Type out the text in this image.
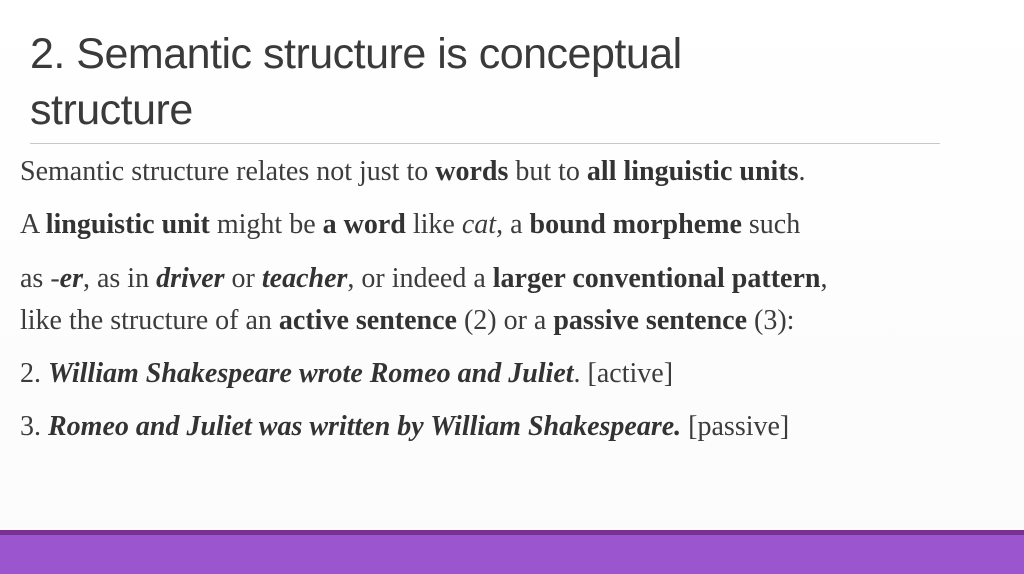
2. Semantic structure is conceptual
structure

Semantic structure relates not just to words but to all linguistic units.

A linguistic unit might be a word like cat, a bound morpheme such

as -er, as in driver or teacher, or indeed a larger conventional pattern,
like the structure of an active sentence (2) or a passive sentence (3):

2. William Shakespeare wrote Romeo and Juliet. [active]

3. Romeo and Juliet was written by William Shakespeare. [passive]
